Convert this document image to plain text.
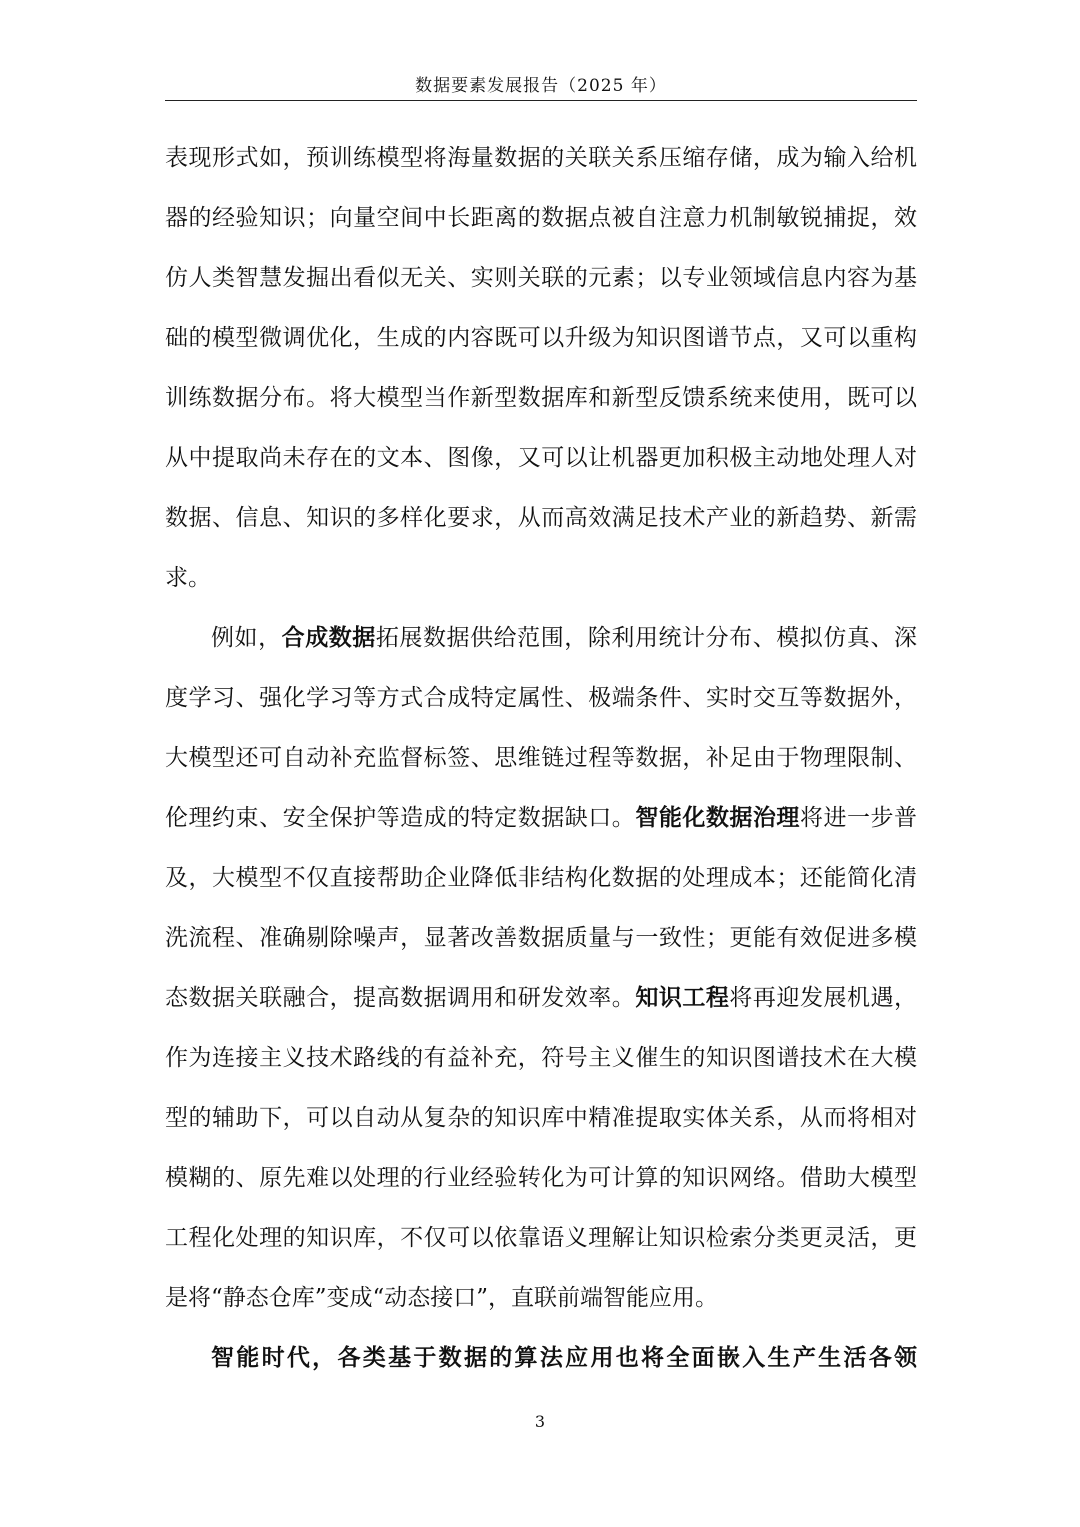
数据要素发展报告（2025 年）

表现形式如，预训练模型将海量数据的关联关系压缩存储，成为输入给机器的经验知识；向量空间中长距离的数据点被自注意力机制敏锐捕捉，效仿人类智慧发掘出看似无关、实则关联的元素；以专业领域信息内容为基础的模型微调优化，生成的内容既可以升级为知识图谱节点，又可以重构训练数据分布。将大模型当作新型数据库和新型反馈系统来使用，既可以从中提取尚未存在的文本、图像，又可以让机器更加积极主动地处理人对数据、信息、知识的多样化要求，从而高效满足技术产业的新趋势、新需求。

例如，合成数据拓展数据供给范围，除利用统计分布、模拟仿真、深度学习、强化学习等方式合成特定属性、极端条件、实时交互等数据外，大模型还可自动补充监督标签、思维链过程等数据，补足由于物理限制、伦理约束、安全保护等造成的特定数据缺口。智能化数据治理将进一步普及，大模型不仅直接帮助企业降低非结构化数据的处理成本；还能简化清洗流程、准确剔除噪声，显著改善数据质量与一致性；更能有效促进多模态数据关联融合，提高数据调用和研发效率。知识工程将再迎发展机遇，作为连接主义技术路线的有益补充，符号主义催生的知识图谱技术在大模型的辅助下，可以自动从复杂的知识库中精准提取实体关系，从而将相对模糊的、原先难以处理的行业经验转化为可计算的知识网络。借助大模型工程化处理的知识库，不仅可以依靠语义理解让知识检索分类更灵活，更是将“静态仓库”变成“动态接口”，直联前端智能应用。

智能时代，各类基于数据的算法应用也将全面嵌入生产生活各领

3
